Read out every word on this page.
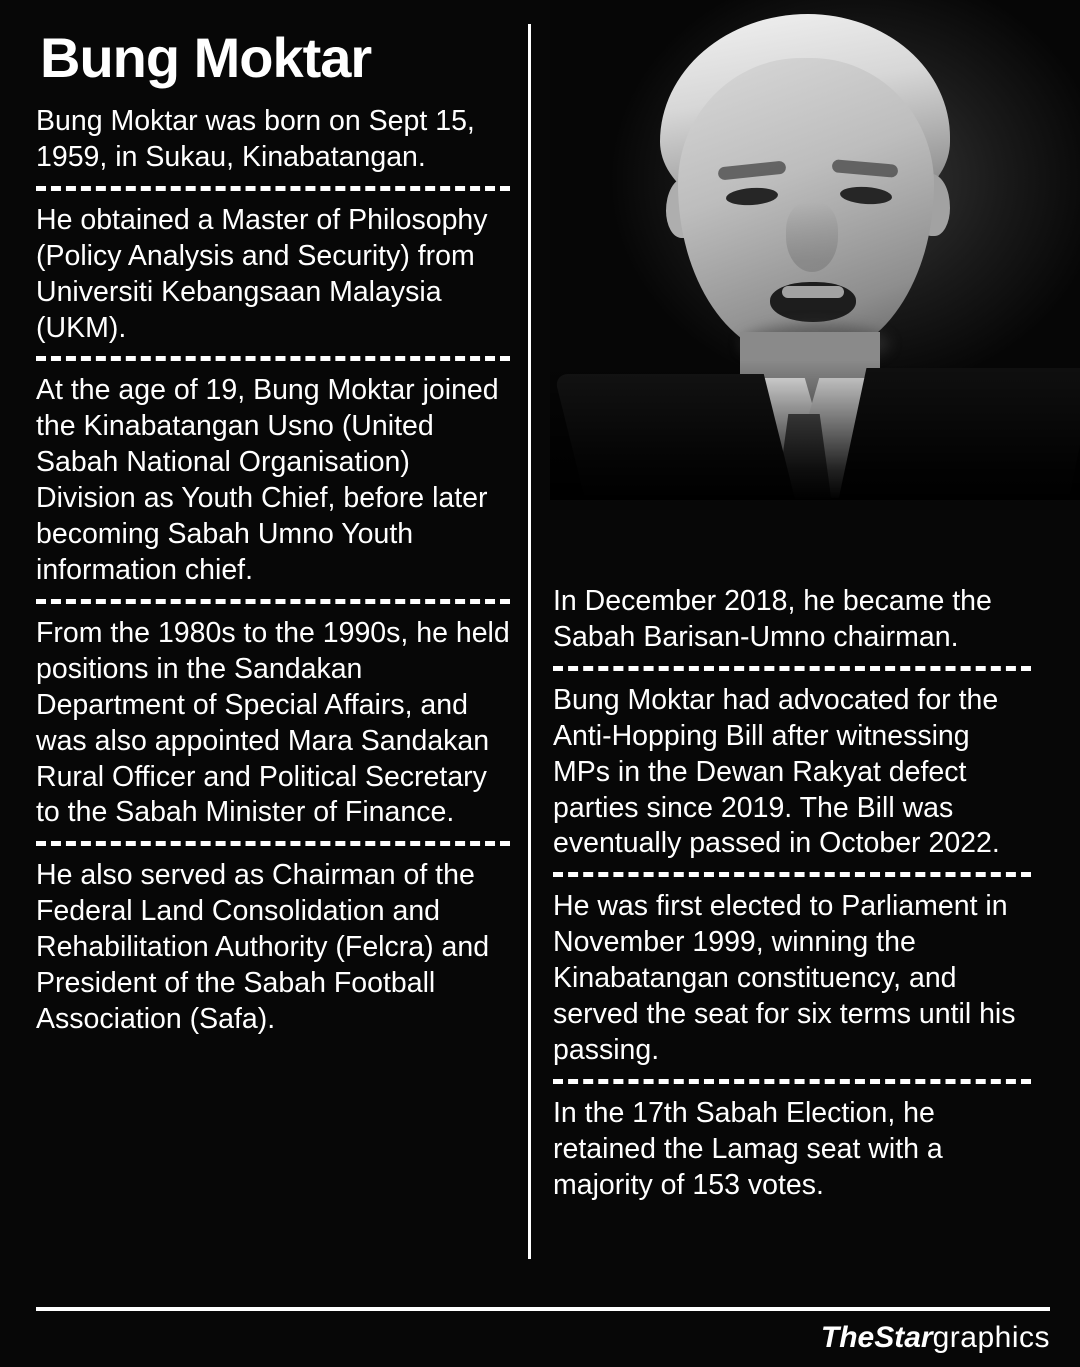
Bung Moktar

Bung Moktar was born on Sept 15, 1959, in Sukau, Kinabatangan.

He obtained a Master of Philosophy (Policy Analysis and Security) from Universiti Kebangsaan Malaysia (UKM).

At the age of 19, Bung Moktar joined the Kinabatangan Usno (United Sabah National Organisation) Division as Youth Chief, before later becoming Sabah Umno Youth information chief.

From the 1980s to the 1990s, he held positions in the Sandakan Department of Special Affairs, and was also appointed Mara Sandakan Rural Officer and Political Secretary to the Sabah Minister of Finance.

He also served as Chairman of the Federal Land Consolidation and Rehabilitation Authority (Felcra) and President of the Sabah Football Association (Safa).

In December 2018, he became the Sabah Barisan-Umno chairman.

Bung Moktar had advocated for the Anti-Hopping Bill after witnessing MPs in the Dewan Rakyat defect parties since 2019. The Bill was eventually passed in October 2022.

He was first elected to Parliament in November 1999, winning the Kinabatangan constituency, and served the seat for six terms until his passing.

In the 17th Sabah Election, he retained the Lamag seat with a majority of 153 votes.

TheStargraphics
